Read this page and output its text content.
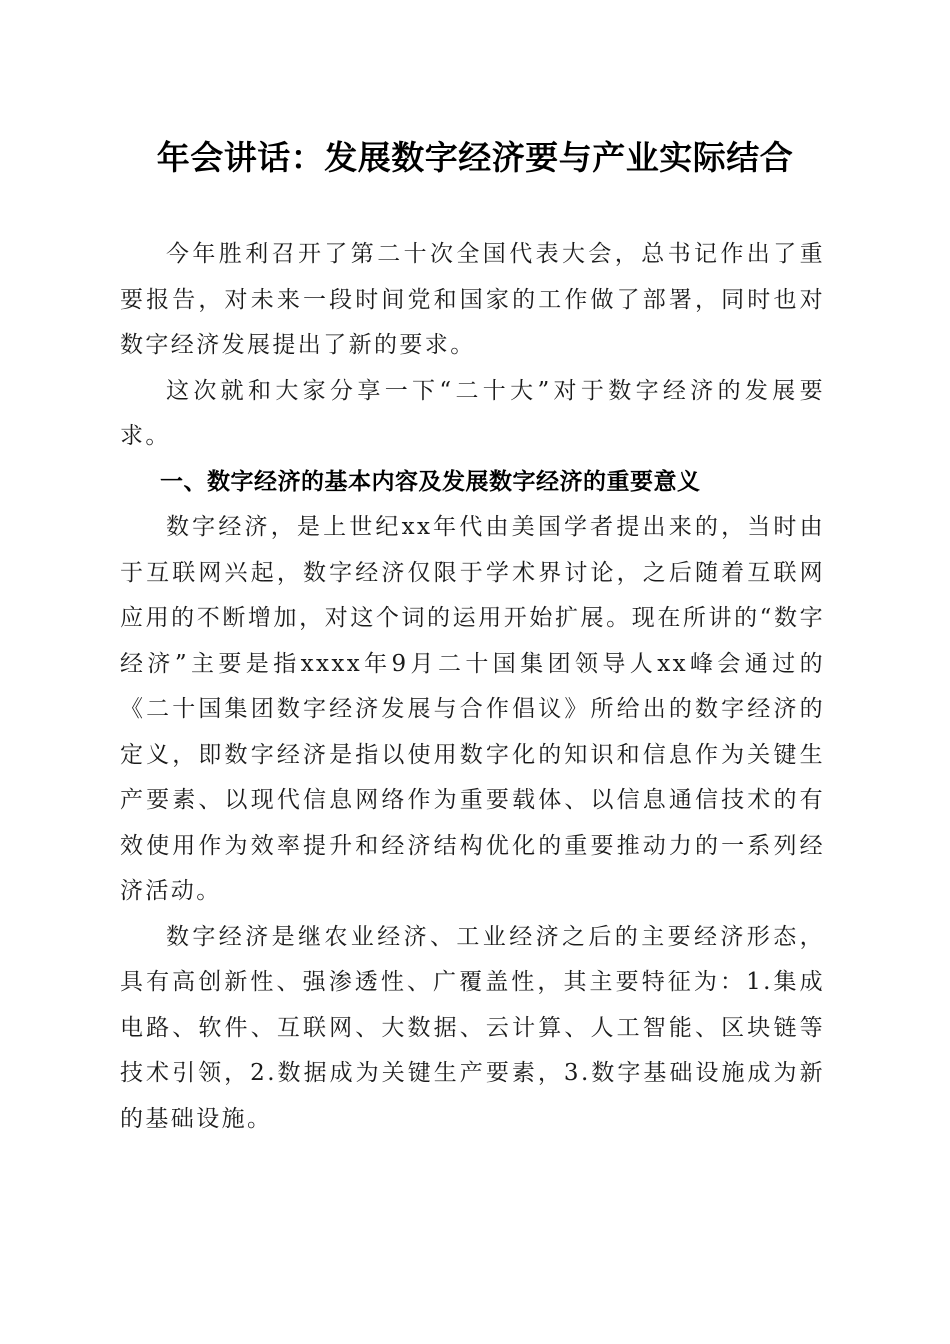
年会讲话：发展数字经济要与产业实际结合

今年胜利召开了第二十次全国代表大会，总书记作出了重要报告，对未来一段时间党和国家的工作做了部署，同时也对数字经济发展提出了新的要求。

这次就和大家分享一下“二十大”对于数字经济的发展要求。

一、数字经济的基本内容及发展数字经济的重要意义

数字经济，是上世纪xx年代由美国学者提出来的，当时由于互联网兴起，数字经济仅限于学术界讨论，之后随着互联网应用的不断增加，对这个词的运用开始扩展。现在所讲的“数字经济”主要是指xxxx年9月二十国集团领导人xx峰会通过的《二十国集团数字经济发展与合作倡议》所给出的数字经济的定义，即数字经济是指以使用数字化的知识和信息作为关键生产要素、以现代信息网络作为重要载体、以信息通信技术的有效使用作为效率提升和经济结构优化的重要推动力的一系列经济活动。

数字经济是继农业经济、工业经济之后的主要经济形态，具有高创新性、强渗透性、广覆盖性，其主要特征为：1.集成电路、软件、互联网、大数据、云计算、人工智能、区块链等技术引领，2.数据成为关键生产要素，3.数字基础设施成为新的基础设施。
